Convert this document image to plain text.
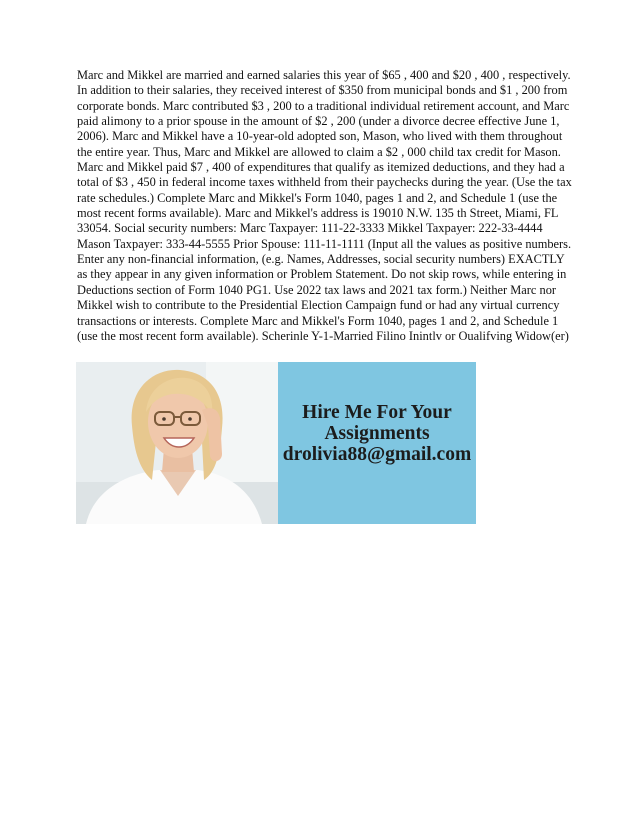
Marc and Mikkel are married and earned salaries this year of $65 , 400 and $20 , 400 , respectively. In addition to their salaries, they received interest of $350 from municipal bonds and $1 , 200 from corporate bonds. Marc contributed $3 , 200 to a traditional individual retirement account, and Marc paid alimony to a prior spouse in the amount of $2 , 200 (under a divorce decree effective June 1, 2006). Marc and Mikkel have a 10-year-old adopted son, Mason, who lived with them throughout the entire year. Thus, Marc and Mikkel are allowed to claim a $2 , 000 child tax credit for Mason. Marc and Mikkel paid $7 , 400 of expenditures that qualify as itemized deductions, and they had a total of $3 , 450 in federal income taxes withheld from their paychecks during the year. (Use the tax rate schedules.) Complete Marc and Mikkel's Form 1040, pages 1 and 2, and Schedule 1 (use the most recent forms available). Marc and Mikkel's address is 19010 N.W. 135 th Street, Miami, FL 33054. Social security numbers: Marc Taxpayer: 111-22-3333 Mikkel Taxpayer: 222-33-4444 Mason Taxpayer: 333-44-5555 Prior Spouse: 111-11-1111 (Input all the values as positive numbers. Enter any non-financial information, (e.g. Names, Addresses, social security numbers) EXACTLY as they appear in any given information or Problem Statement. Do not skip rows, while entering in Deductions section of Form 1040 PG1. Use 2022 tax laws and 2021 tax form.) Neither Marc nor Mikkel wish to contribute to the Presidential Election Campaign fund or had any virtual currency transactions or interests. Complete Marc and Mikkel's Form 1040, pages 1 and 2, and Schedule 1 (use the most recent form available). Scherinle Y-1-Married Filino Inintlv or Oualifving Widow(er)

Hire Me For Your
Assignments
drolivia88@gmail.com
